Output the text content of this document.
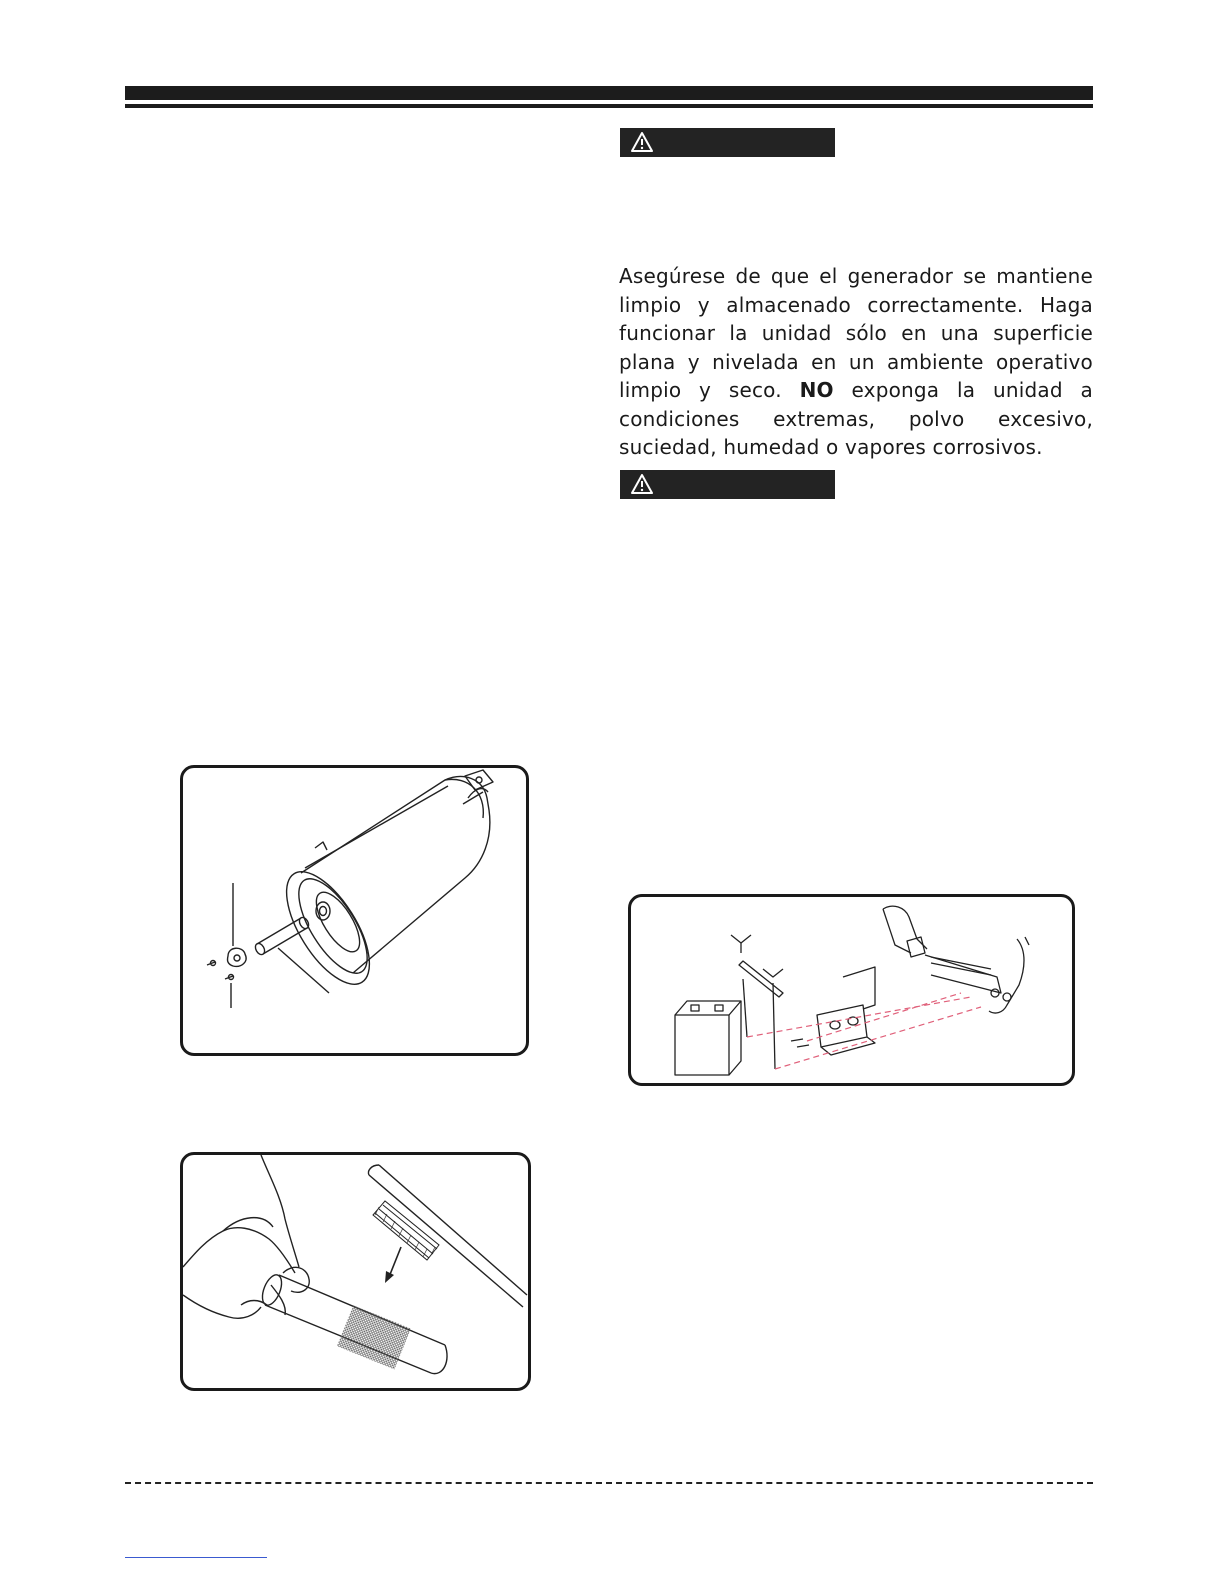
Asegúrese de que el generador se mantiene limpio y almacenado correctamente. Haga funcionar la unidad sólo en una superficie plana y nivelada en un ambiente operativo limpio y seco. NO exponga la unidad a condiciones extremas, polvo excesivo, suciedad, humedad o vapores corrosivos.
